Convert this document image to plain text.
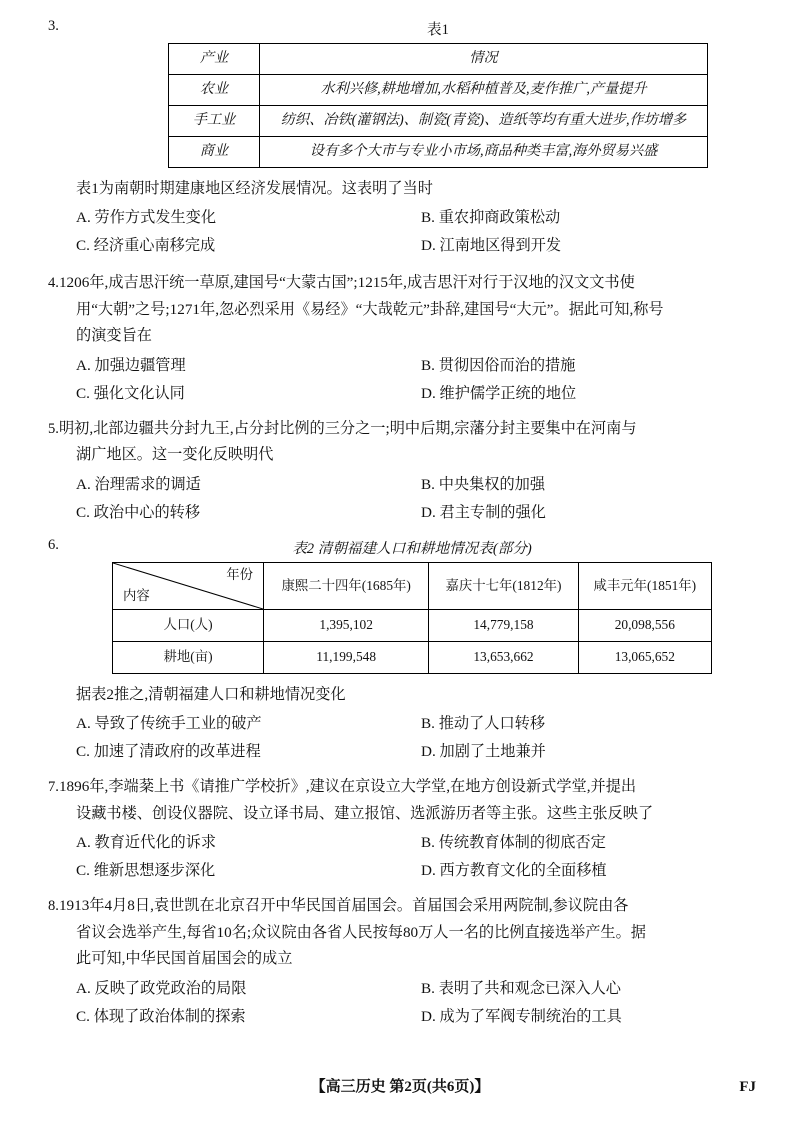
3.	表1
产业	情况
农业	水利兴修,耕地增加,水稻种植普及,麦作推广,产量提升
手工业	纺织、冶铁(灌钢法)、制瓷(青瓷)、造纸等均有重大进步,作坊增多
商业	设有多个大市与专业小市场,商品种类丰富,海外贸易兴盛
表1为南朝时期建康地区经济发展情况。这表明了当时
A. 劳作方式发生变化	B. 重农抑商政策松动
C. 经济重心南移完成	D. 江南地区得到开发
4.1206年,成吉思汗统一草原,建国号“大蒙古国”;1215年,成吉思汗对行于汉地的汉文文书使
用“大朝”之号;1271年,忽必烈采用《易经》“大哉乾元”卦辞,建国号“大元”。据此可知,称号
的演变旨在
A. 加强边疆管理	B. 贯彻因俗而治的措施
C. 强化文化认同	D. 维护儒学正统的地位
5.明初,北部边疆共分封九王,占分封比例的三分之一;明中后期,宗藩分封主要集中在河南与
湖广地区。这一变化反映明代
A. 治理需求的调适	B. 中央集权的加强
C. 政治中心的转移	D. 君主专制的强化
6.	表2 清朝福建人口和耕地情况表(部分)
年份
内容	康熙二十四年(1685年)	嘉庆十七年(1812年)	咸丰元年(1851年)
人口(人)	1,395,102	14,779,158	20,098,556
耕地(亩)	11,199,548	13,653,662	13,065,652
据表2推之,清朝福建人口和耕地情况变化
A. 导致了传统手工业的破产	B. 推动了人口转移
C. 加速了清政府的改革进程	D. 加剧了土地兼并
7.1896年,李端棻上书《请推广学校折》,建议在京设立大学堂,在地方创设新式学堂,并提出
设藏书楼、创设仪器院、设立译书局、建立报馆、选派游历者等主张。这些主张反映了
A. 教育近代化的诉求	B. 传统教育体制的彻底否定
C. 维新思想逐步深化	D. 西方教育文化的全面移植
8.1913年4月8日,袁世凯在北京召开中华民国首届国会。首届国会采用两院制,参议院由各
省议会选举产生,每省10名;众议院由各省人民按每80万人一名的比例直接选举产生。据
此可知,中华民国首届国会的成立
A. 反映了政党政治的局限	B. 表明了共和观念已深入人心
C. 体现了政治体制的探索	D. 成为了军阀专制统治的工具
【高三历史 第2页(共6页)】	FJ
